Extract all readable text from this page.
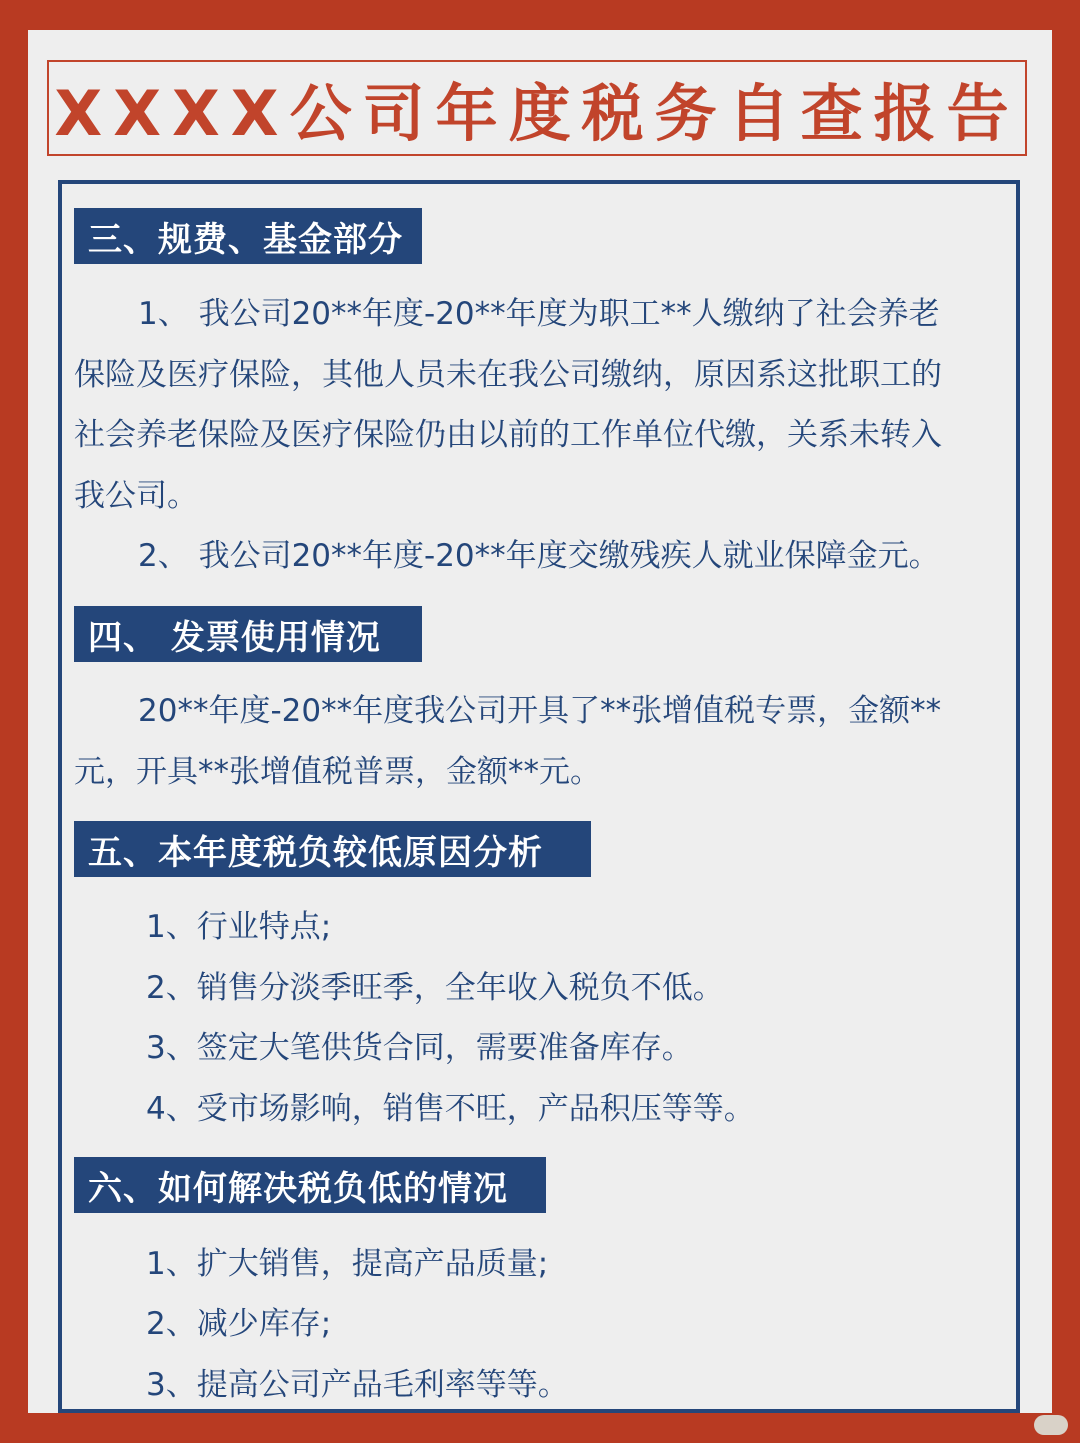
XXXX公司年度税务自查报告
三、规费、基金部分
1、 我公司20**年度-20**年度为职工**人缴纳了社会养老
保险及医疗保险，其他人员未在我公司缴纳，原因系这批职工的
社会养老保险及医疗保险仍由以前的工作单位代缴，关系未转入
我公司。
2、 我公司20**年度-20**年度交缴残疾人就业保障金元。
四、 发票使用情况
20**年度-20**年度我公司开具了**张增值税专票，金额**
元，开具**张增值税普票，金额**元。
五、本年度税负较低原因分析
1、行业特点;
2、销售分淡季旺季，全年收入税负不低。
3、签定大笔供货合同，需要准备库存。
4、受市场影响，销售不旺，产品积压等等。
六、如何解决税负低的情况
1、扩大销售，提高产品质量;
2、减少库存;
3、提高公司产品毛利率等等。
